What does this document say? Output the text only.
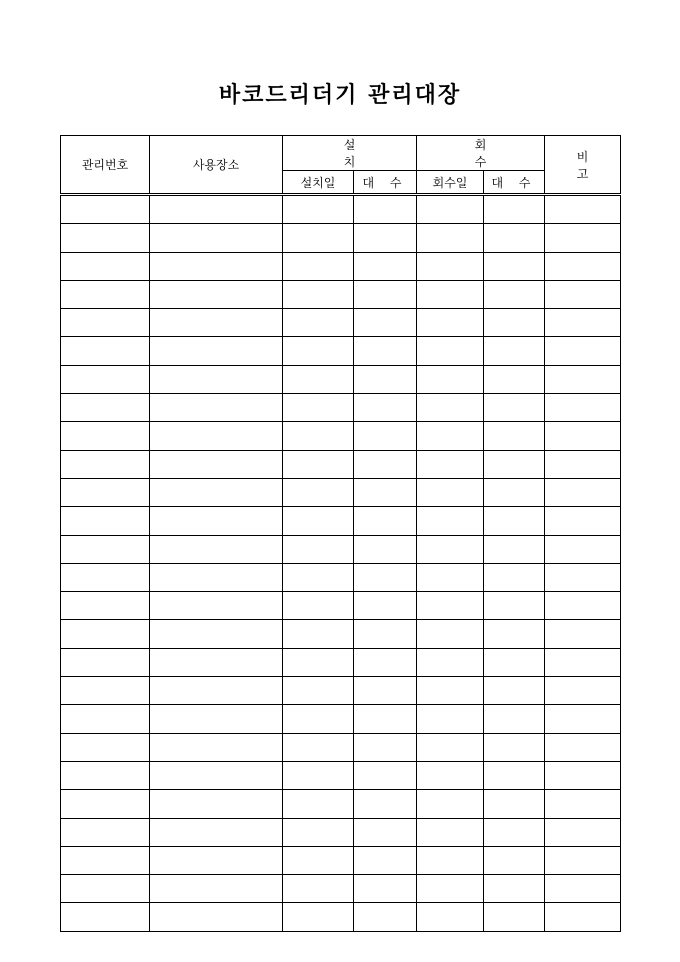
바코드리더기 관리대장
관리번호	사용장소	설 치		회 수		비 고
		설치일	대 수	회수일	대 수	
